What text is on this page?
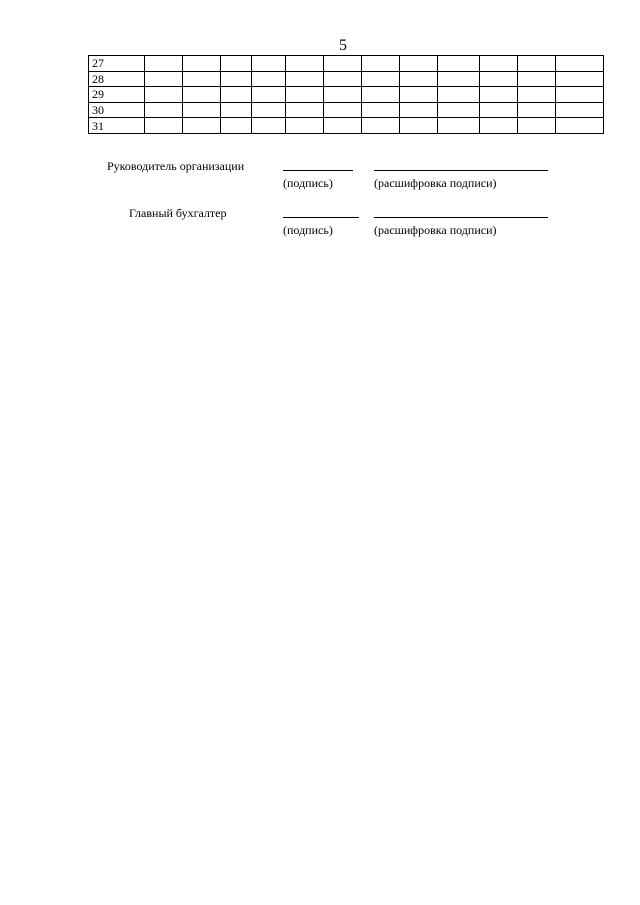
5
27												
28												
29												
30												
31												
Руководитель организации
(подпись)	(расшифровка подписи)
Главный бухгалтер
(подпись)	(расшифровка подписи)
